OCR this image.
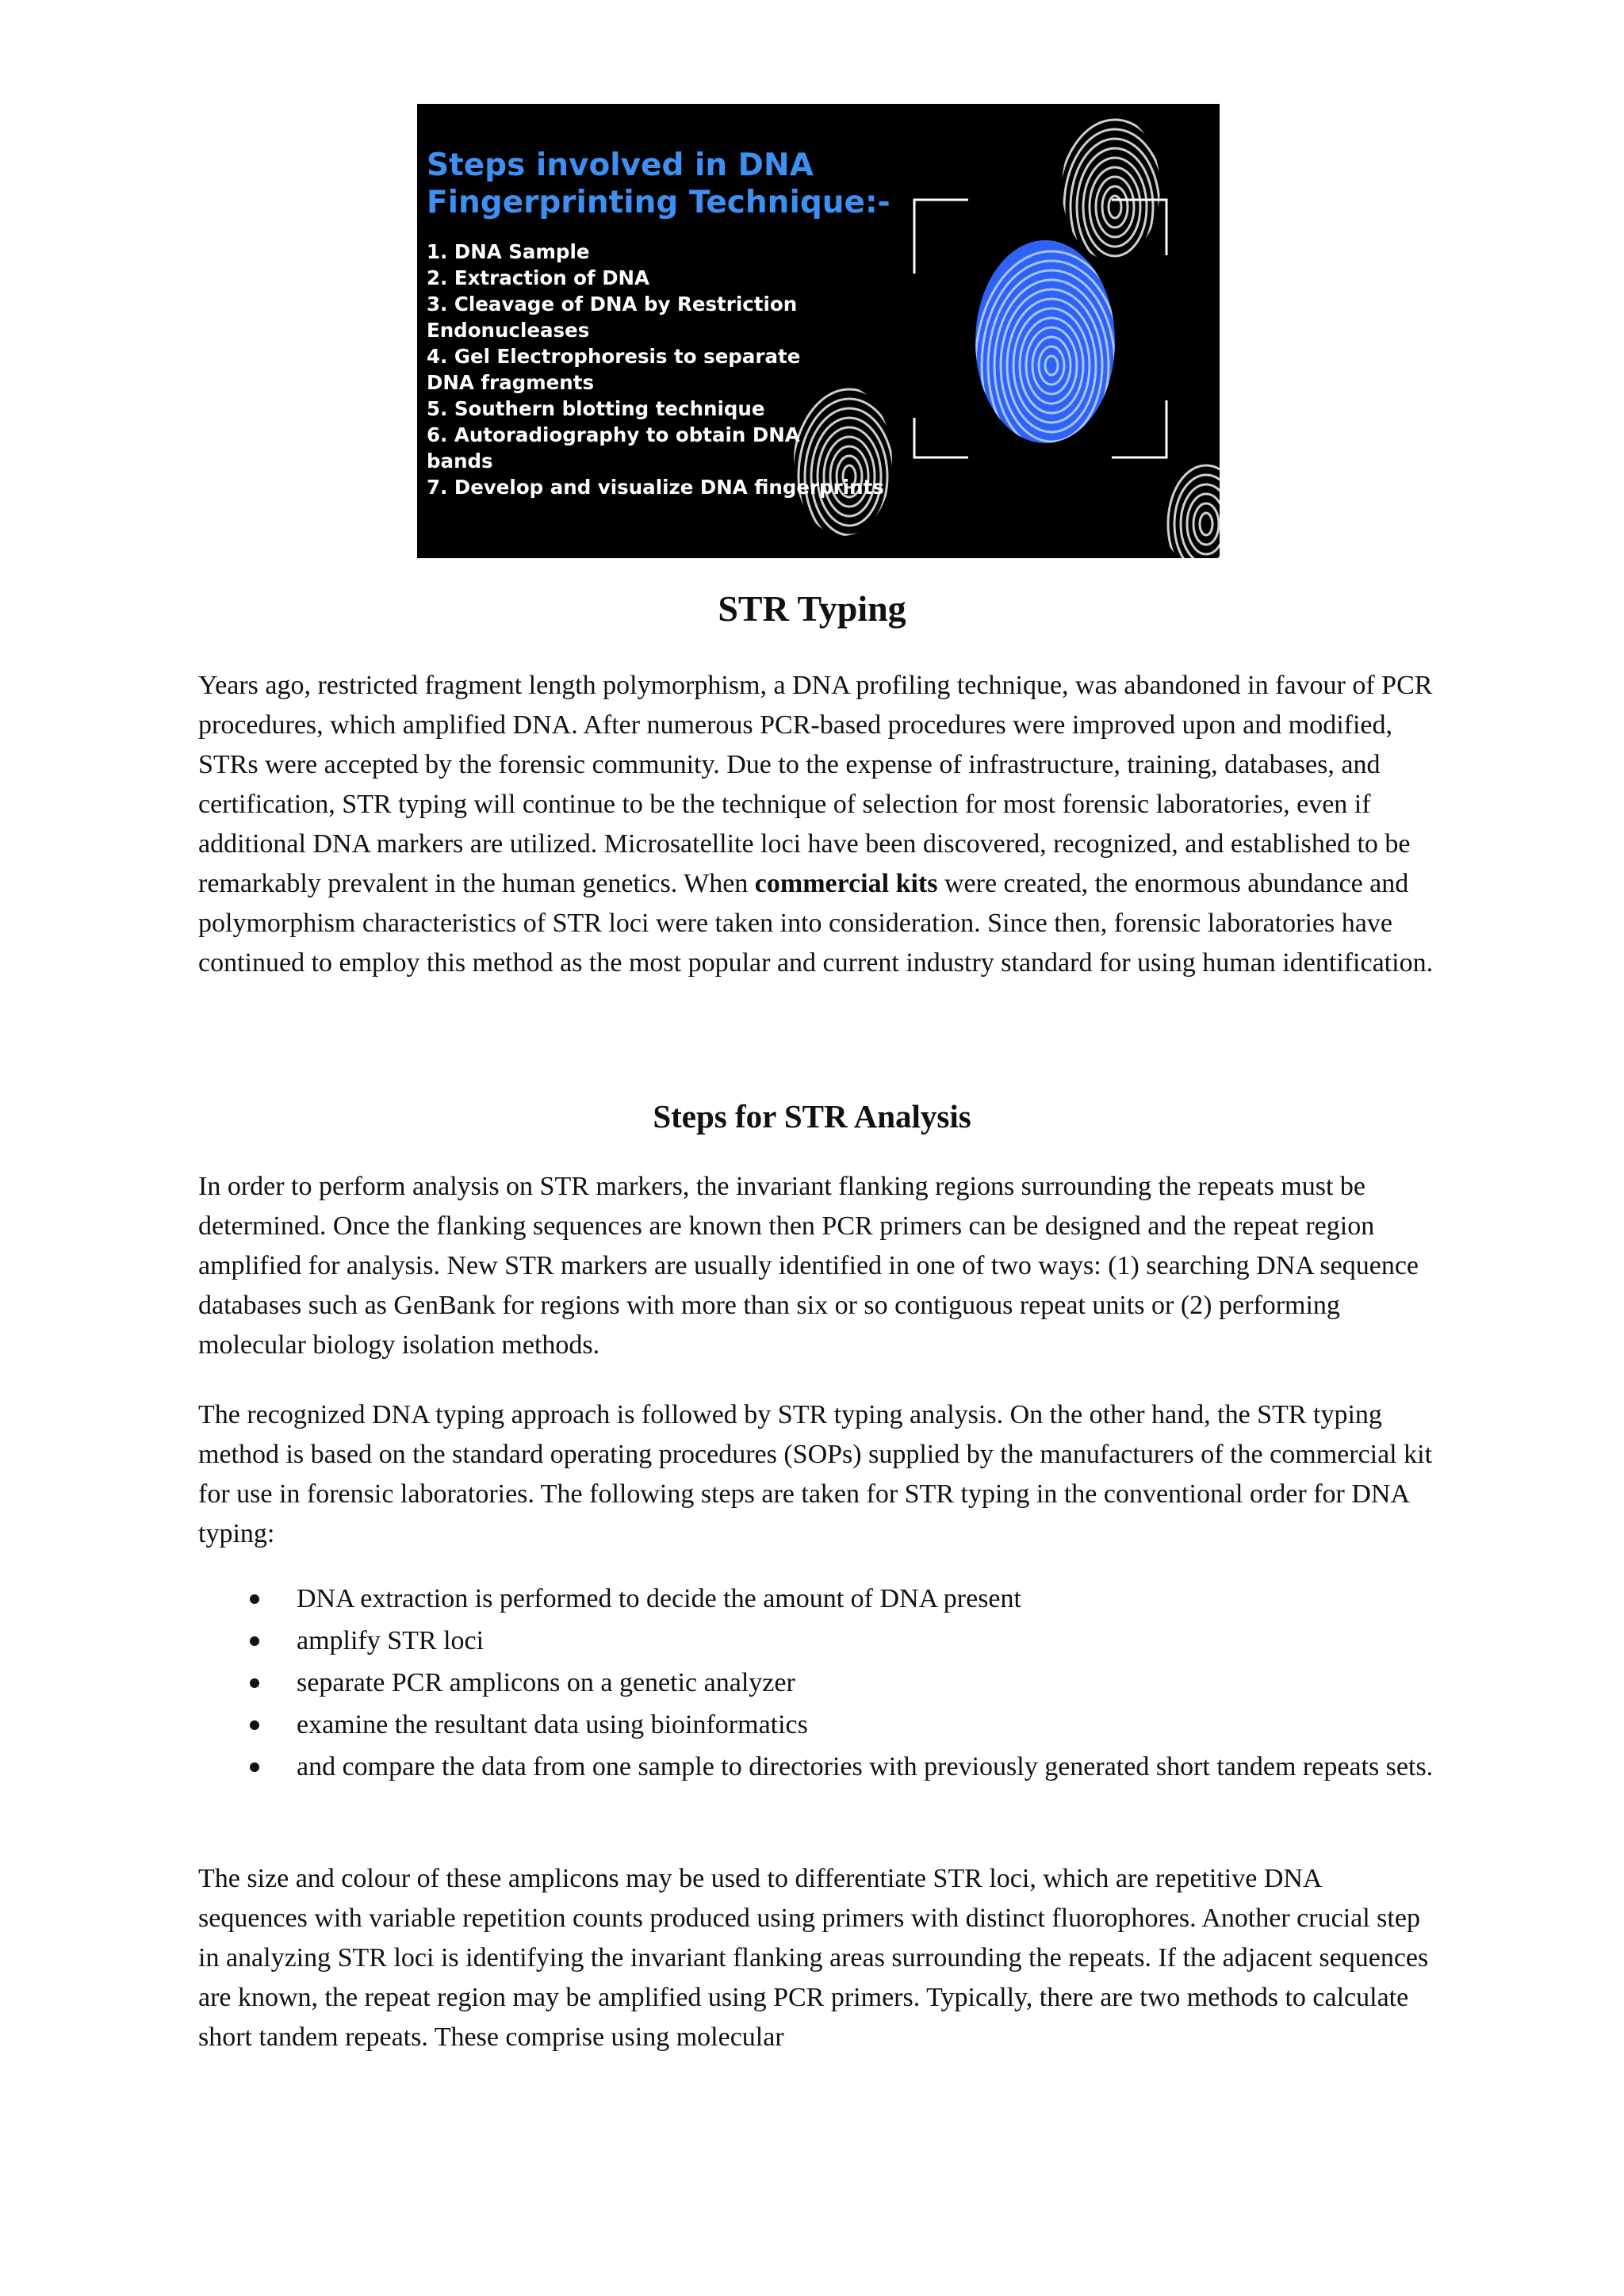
Steps involved in DNA
Fingerprinting Technique:-
1. DNA Sample
2. Extraction of DNA
3. Cleavage of DNA by Restriction
Endonucleases
4. Gel Electrophoresis to separate
DNA fragments
5. Southern blotting technique
6. Autoradiography to obtain DNA
bands
7. Develop and visualize DNA fingerprints
STR Typing

Years ago, restricted fragment length polymorphism, a DNA profiling technique, was abandoned in favour of PCR procedures, which amplified DNA. After numerous PCR-based procedures were improved upon and modified, STRs were accepted by the forensic community. Due to the expense of infrastructure, training, databases, and certification, STR typing will continue to be the technique of selection for most forensic laboratories, even if additional DNA markers are utilized. Microsatellite loci have been discovered, recognized, and established to be remarkably prevalent in the human genetics. When commercial kits were created, the enormous abundance and polymorphism characteristics of STR loci were taken into consideration. Since then, forensic laboratories have continued to employ this method as the most popular and current industry standard for using human identification.

Steps for STR Analysis

In order to perform analysis on STR markers, the invariant flanking regions surrounding the repeats must be determined. Once the flanking sequences are known then PCR primers can be designed and the repeat region amplified for analysis. New STR markers are usually identified in one of two ways: (1) searching DNA sequence databases such as GenBank for regions with more than six or so contiguous repeat units or (2) performing molecular biology isolation methods.

The recognized DNA typing approach is followed by STR typing analysis. On the other hand, the STR typing method is based on the standard operating procedures (SOPs) supplied by the manufacturers of the commercial kit for use in forensic laboratories. The following steps are taken for STR typing in the conventional order for DNA typing:

DNA extraction is performed to decide the amount of DNA present
amplify STR loci
separate PCR amplicons on a genetic analyzer
examine the resultant data using bioinformatics
and compare the data from one sample to directories with previously generated short tandem repeats sets.

The size and colour of these amplicons may be used to differentiate STR loci, which are repetitive DNA sequences with variable repetition counts produced using primers with distinct fluorophores. Another crucial step in analyzing STR loci is identifying the invariant flanking areas surrounding the repeats. If the adjacent sequences are known, the repeat region may be amplified using PCR primers. Typically, there are two methods to calculate short tandem repeats. These comprise using molecular
